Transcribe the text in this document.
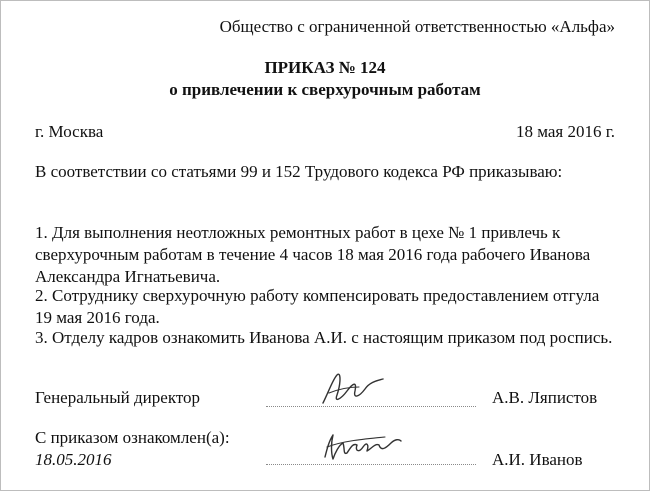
Общество с ограниченной ответственностью «Альфа»
ПРИКАЗ № 124
о привлечении к сверхурочным работам
г. Москва	18 мая 2016 г.
В соответствии со статьями 99 и 152 Трудового кодекса РФ приказываю:
1. Для выполнения неотложных ремонтных работ в цехе № 1 привлечь к сверхурочным работам в течение 4 часов 18 мая 2016 года рабочего Иванова Александра Игнатьевича.
2. Сотруднику сверхурочную работу компенсировать предоставлением отгула 19 мая 2016 года.
3. Отделу кадров ознакомить Иванова А.И. с настоящим приказом под роспись.
Генеральный директор	А.В. Ляпистов
С приказом ознакомлен(а):
18.05.2016	А.И. Иванов
